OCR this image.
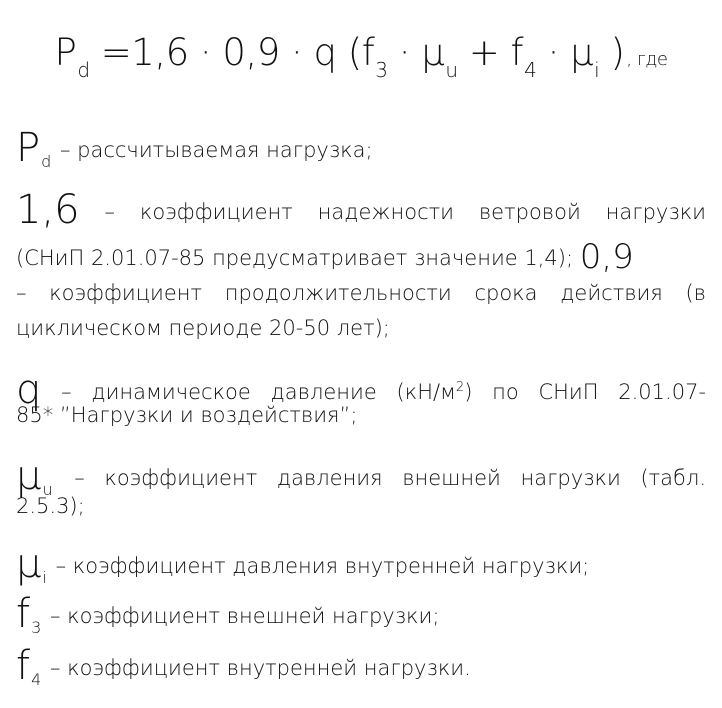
$P_d =1,6 \cdot 0,9 \cdot q$ ($f_3 \cdot \mu_u + f_4 \cdot \mu_i$ ) , где
$P_d$ – рассчитываемая нагрузка;
1,6 – коэффициент надежности ветровой нагрузки
(СНиП 2.01.07-85 предусматривает значение 1,4); 0,9
– коэффициент продолжительности срока действия (в
циклическом периоде 20-50 лет);
q – динамическое давление $(кН/м^2)$ по СНиП 2.01.07-
85* ”Нагрузки и воздействия”;
$\mu_u$ – коэффициент давления внешней нагрузки (табл.
2.5.3);
$\mu_i$ – коэффициент давления внутренней нагрузки;
$f_3$ – коэффициент внешней нагрузки;
$f_4$ – коэффициент внутренней нагрузки.
